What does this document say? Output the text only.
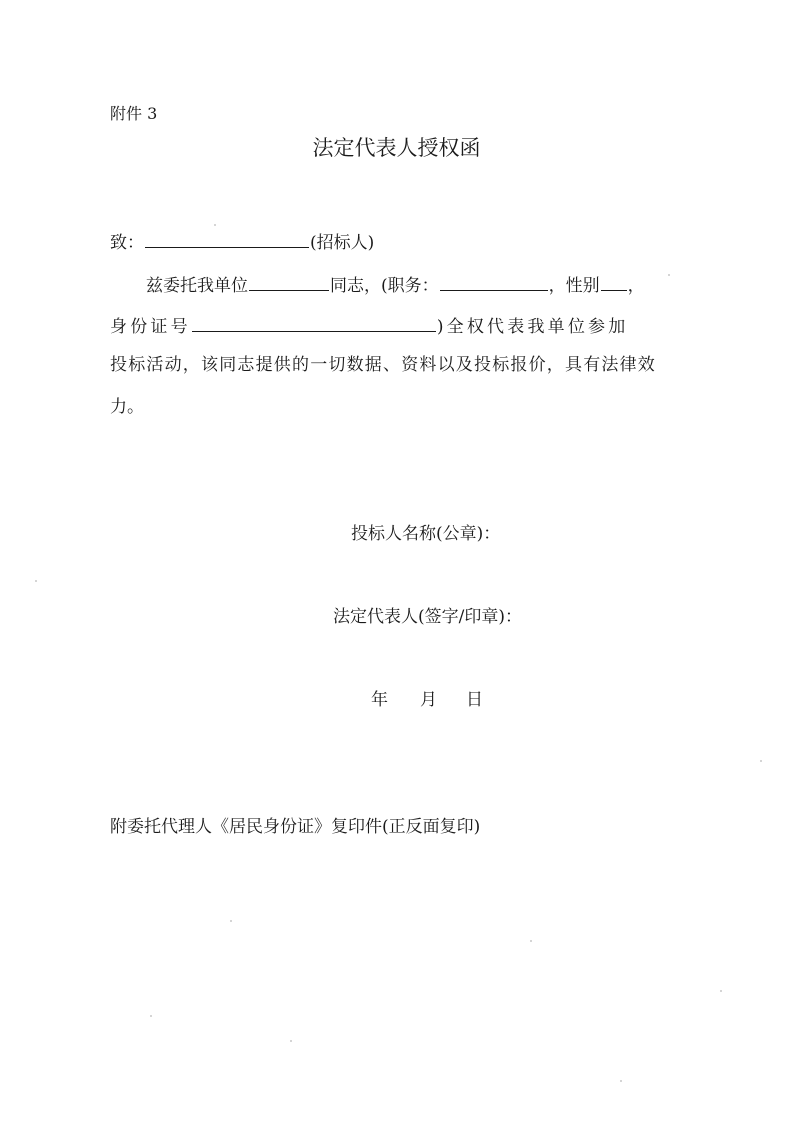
附件 3
法定代表人授权函
致：	(招标人)
兹委托我单位	同志，(职务：	，性别 ，
身份证号	)全权代表我单位参加
投标活动，该同志提供的一切数据、资料以及投标报价，具有法律效
力。
投标人名称(公章)：
法定代表人(签字/印章)：
年 月 日
附委托代理人《居民身份证》复印件(正反面复印)
